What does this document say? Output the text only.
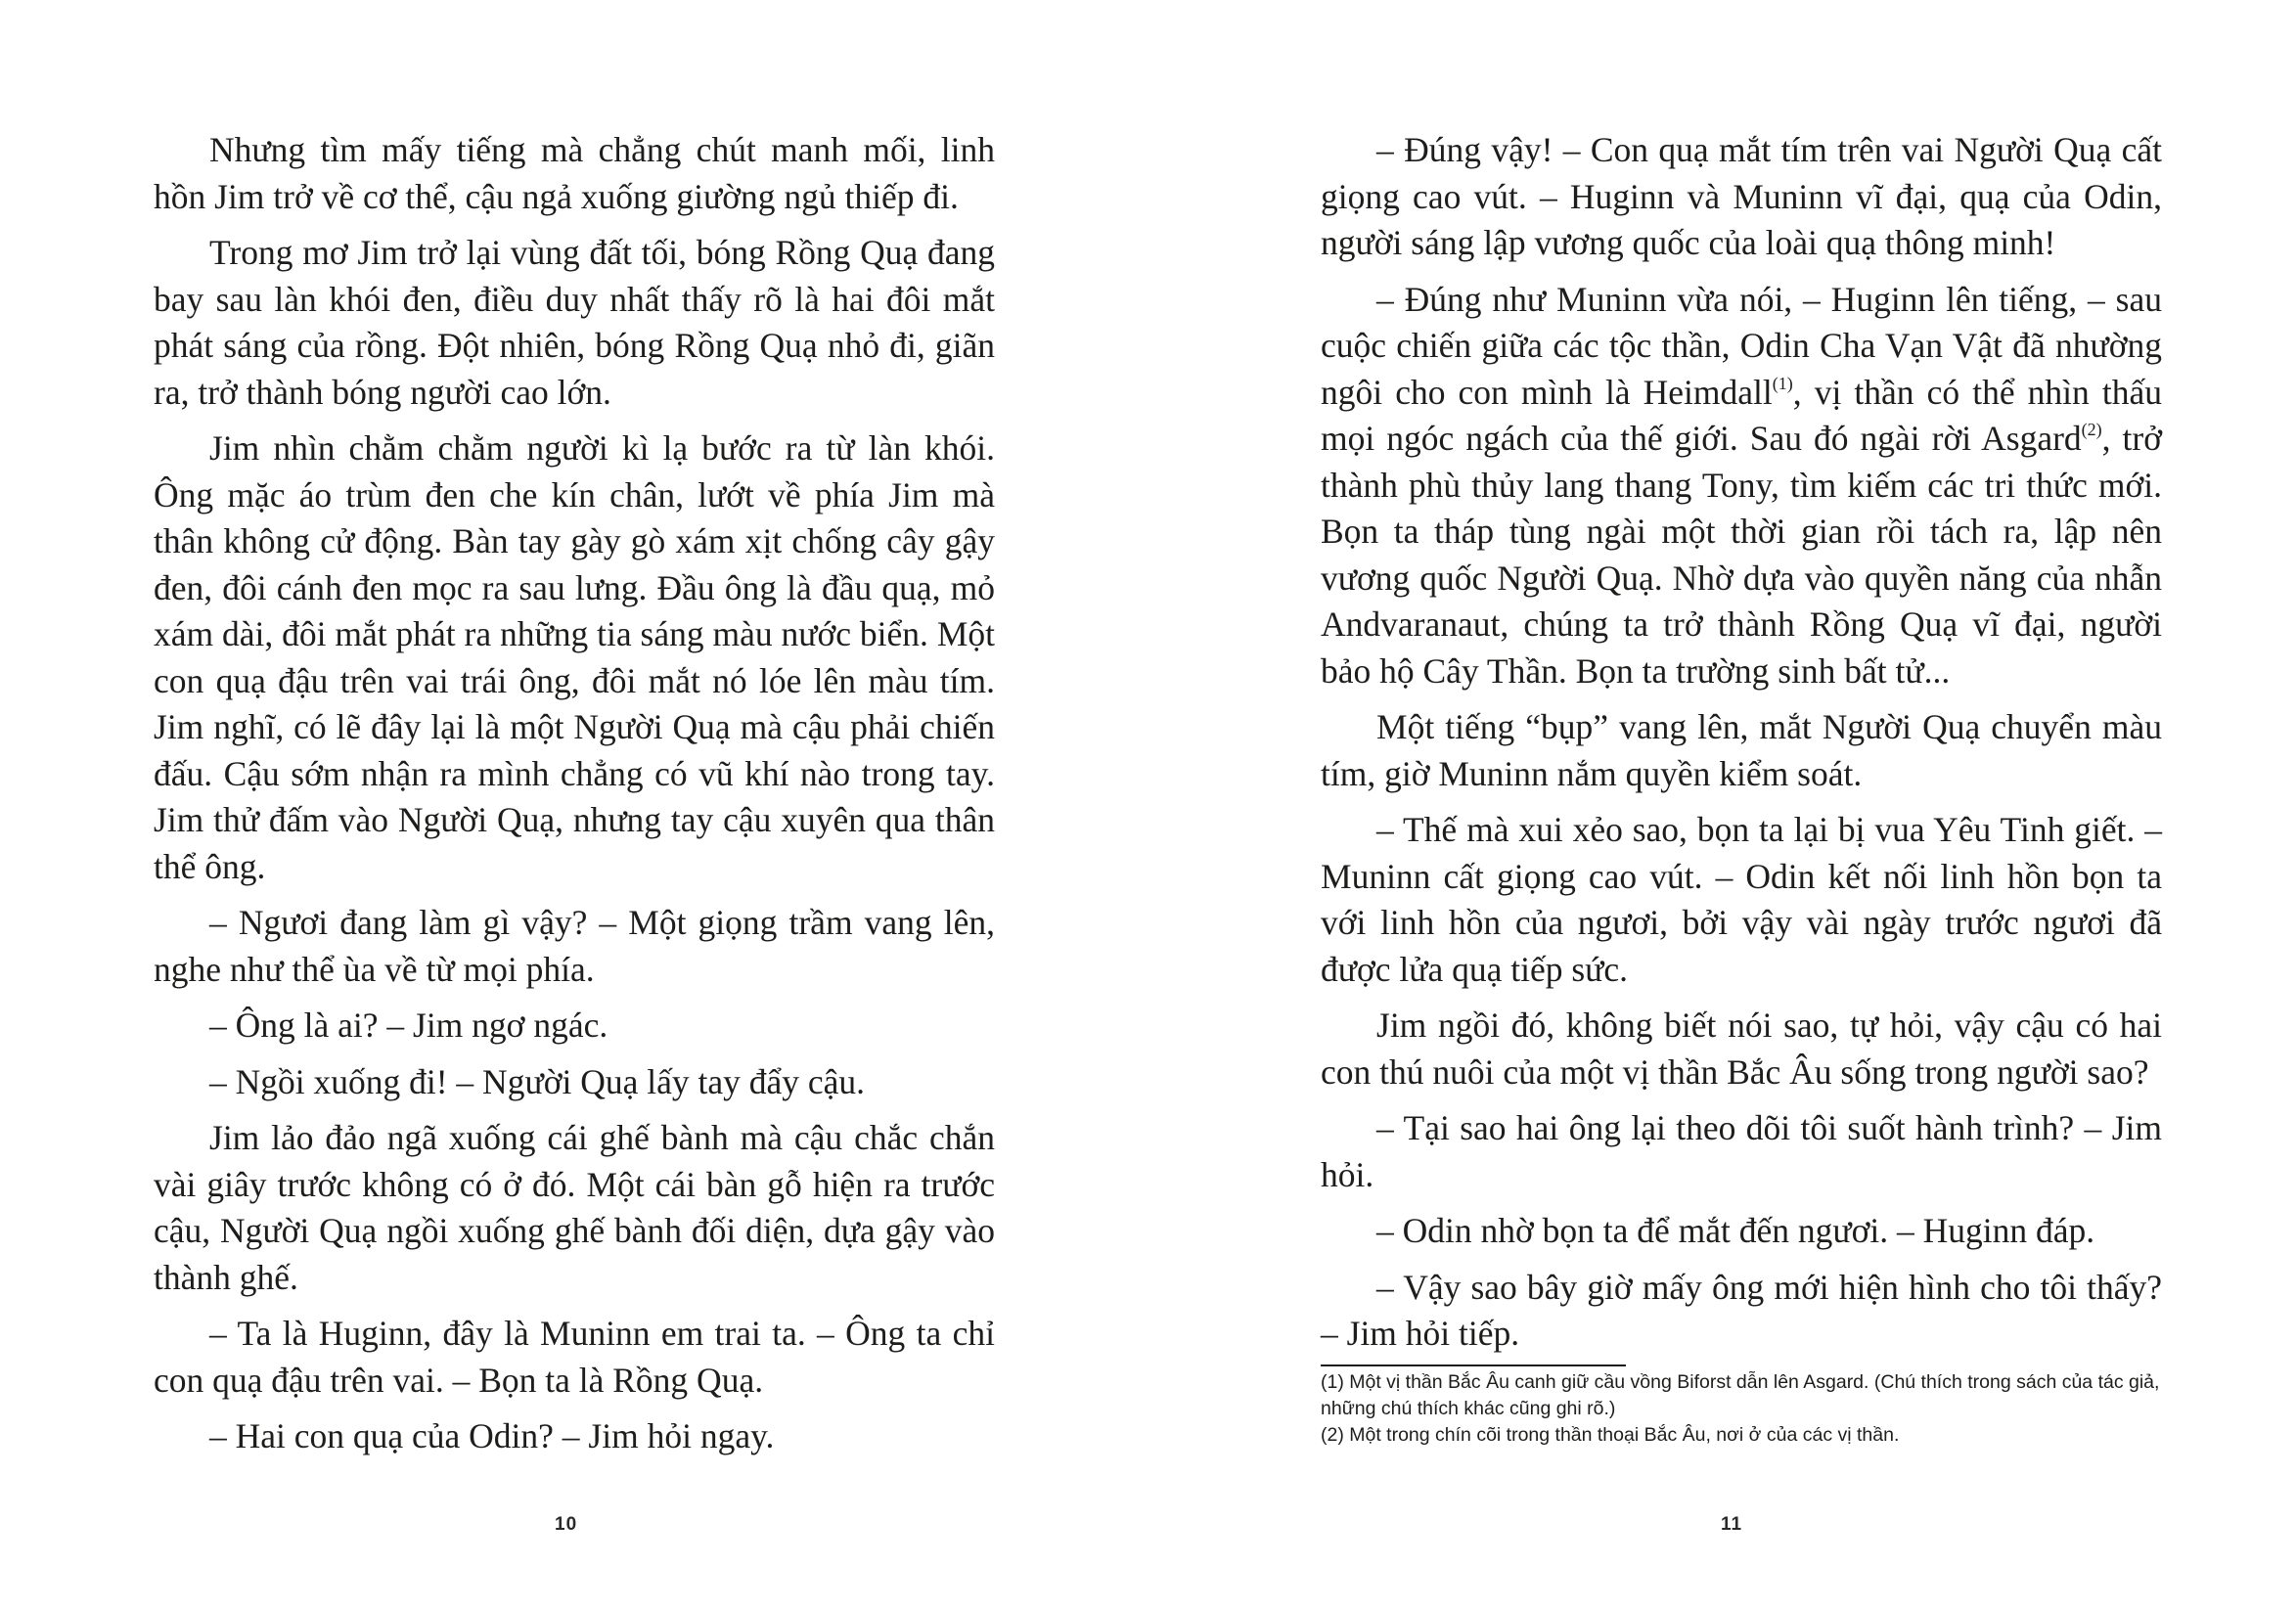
Nhưng tìm mấy tiếng mà chẳng chút manh mối, linh hồn Jim trở về cơ thể, cậu ngả xuống giường ngủ thiếp đi.

Trong mơ Jim trở lại vùng đất tối, bóng Rồng Quạ đang bay sau làn khói đen, điều duy nhất thấy rõ là hai đôi mắt phát sáng của rồng. Đột nhiên, bóng Rồng Quạ nhỏ đi, giãn ra, trở thành bóng người cao lớn.

Jim nhìn chằm chằm người kì lạ bước ra từ làn khói. Ông mặc áo trùm đen che kín chân, lướt về phía Jim mà thân không cử động. Bàn tay gày gò xám xịt chống cây gậy đen, đôi cánh đen mọc ra sau lưng. Đầu ông là đầu quạ, mỏ xám dài, đôi mắt phát ra những tia sáng màu nước biển. Một con quạ đậu trên vai trái ông, đôi mắt nó lóe lên màu tím. Jim nghĩ, có lẽ đây lại là một Người Quạ mà cậu phải chiến đấu. Cậu sớm nhận ra mình chẳng có vũ khí nào trong tay. Jim thử đấm vào Người Quạ, nhưng tay cậu xuyên qua thân thể ông.

– Ngươi đang làm gì vậy? – Một giọng trầm vang lên, nghe như thể ùa về từ mọi phía.

– Ông là ai? – Jim ngơ ngác.

– Ngồi xuống đi! – Người Quạ lấy tay đẩy cậu.

Jim lảo đảo ngã xuống cái ghế bành mà cậu chắc chắn vài giây trước không có ở đó. Một cái bàn gỗ hiện ra trước cậu, Người Quạ ngồi xuống ghế bành đối diện, dựa gậy vào thành ghế.

– Ta là Huginn, đây là Muninn em trai ta. – Ông ta chỉ con quạ đậu trên vai. – Bọn ta là Rồng Quạ.

– Hai con quạ của Odin? – Jim hỏi ngay.

– Đúng vậy! – Con quạ mắt tím trên vai Người Quạ cất giọng cao vút. – Huginn và Muninn vĩ đại, quạ của Odin, người sáng lập vương quốc của loài quạ thông minh!

– Đúng như Muninn vừa nói, – Huginn lên tiếng, – sau cuộc chiến giữa các tộc thần, Odin Cha Vạn Vật đã nhường ngôi cho con mình là Heimdall$^{(1)}$, vị thần có thể nhìn thấu mọi ngóc ngách của thế giới. Sau đó ngài rời Asgard$^{(2)}$, trở thành phù thủy lang thang Tony, tìm kiếm các tri thức mới. Bọn ta tháp tùng ngài một thời gian rồi tách ra, lập nên vương quốc Người Quạ. Nhờ dựa vào quyền năng của nhẫn Andvaranaut, chúng ta trở thành Rồng Quạ vĩ đại, người bảo hộ Cây Thần. Bọn ta trường sinh bất tử...

Một tiếng “bụp” vang lên, mắt Người Quạ chuyển màu tím, giờ Muninn nắm quyền kiểm soát.

– Thế mà xui xẻo sao, bọn ta lại bị vua Yêu Tinh giết. – Muninn cất giọng cao vút. – Odin kết nối linh hồn bọn ta với linh hồn của ngươi, bởi vậy vài ngày trước ngươi đã được lửa quạ tiếp sức.

Jim ngồi đó, không biết nói sao, tự hỏi, vậy cậu có hai con thú nuôi của một vị thần Bắc Âu sống trong người sao?

– Tại sao hai ông lại theo dõi tôi suốt hành trình? – Jim hỏi.

– Odin nhờ bọn ta để mắt đến ngươi. – Huginn đáp.

– Vậy sao bây giờ mấy ông mới hiện hình cho tôi thấy? – Jim hỏi tiếp.

(1) Một vị thần Bắc Âu canh giữ cầu vồng Biforst dẫn lên Asgard. (Chú thích trong sách của tác giả, những chú thích khác cũng ghi rõ.)

(2) Một trong chín cõi trong thần thoại Bắc Âu, nơi ở của các vị thần.

10	11
